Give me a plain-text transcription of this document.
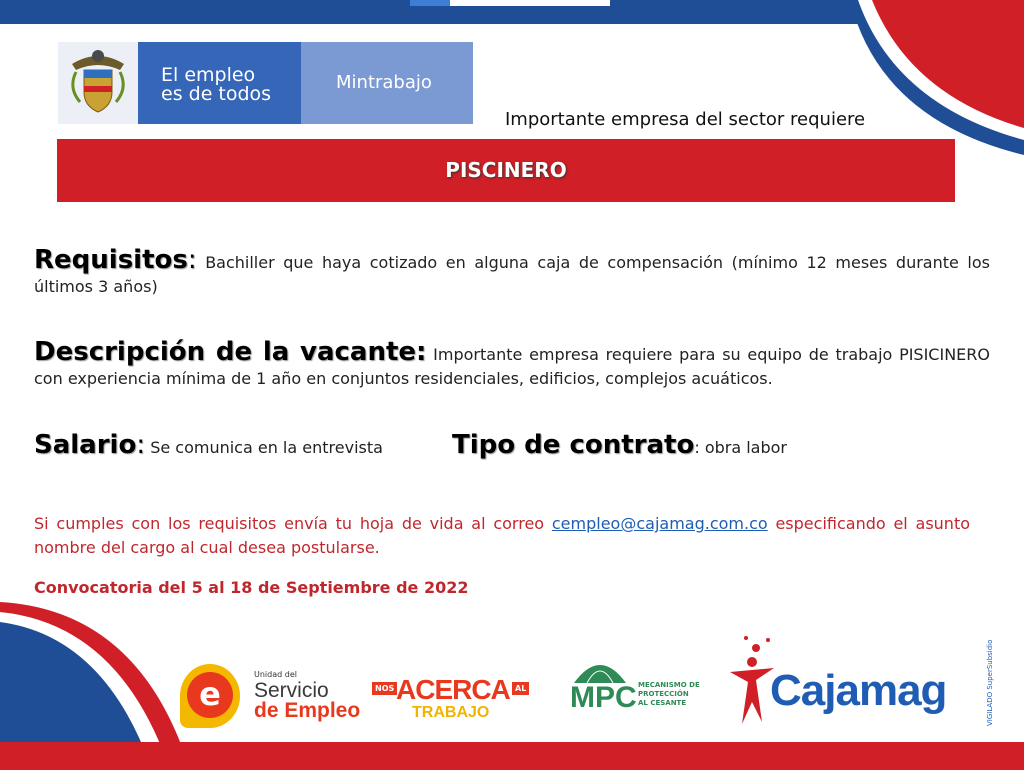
El empleo
es de todos
Mintrabajo
Importante empresa del sector requiere
PISCINERO
Requisitos: Bachiller que haya cotizado en alguna caja de compensación (mínimo 12 meses durante los últimos 3 años)
Descripción de la vacante: Importante empresa requiere para su equipo de trabajo PISICINERO con experiencia mínima de 1 año en conjuntos residenciales, edificios, complejos acuáticos.
Salario: Se comunica en la entrevista	Tipo de contrato: obra labor
Si cumples con los requisitos envía tu hoja de vida al correo cempleo@cajamag.com.co especificando el asunto nombre del cargo al cual desea postularse.
Convocatoria del 5 al 18 de Septiembre de 2022
e
Unidad del
Servicio
de Empleo
NOS ACERCA AL
TRABAJO	MPC MECANISMO DE
PROTECCIÓN
AL CESANTE	Cajamag	VIGILADO SuperSubsidio
